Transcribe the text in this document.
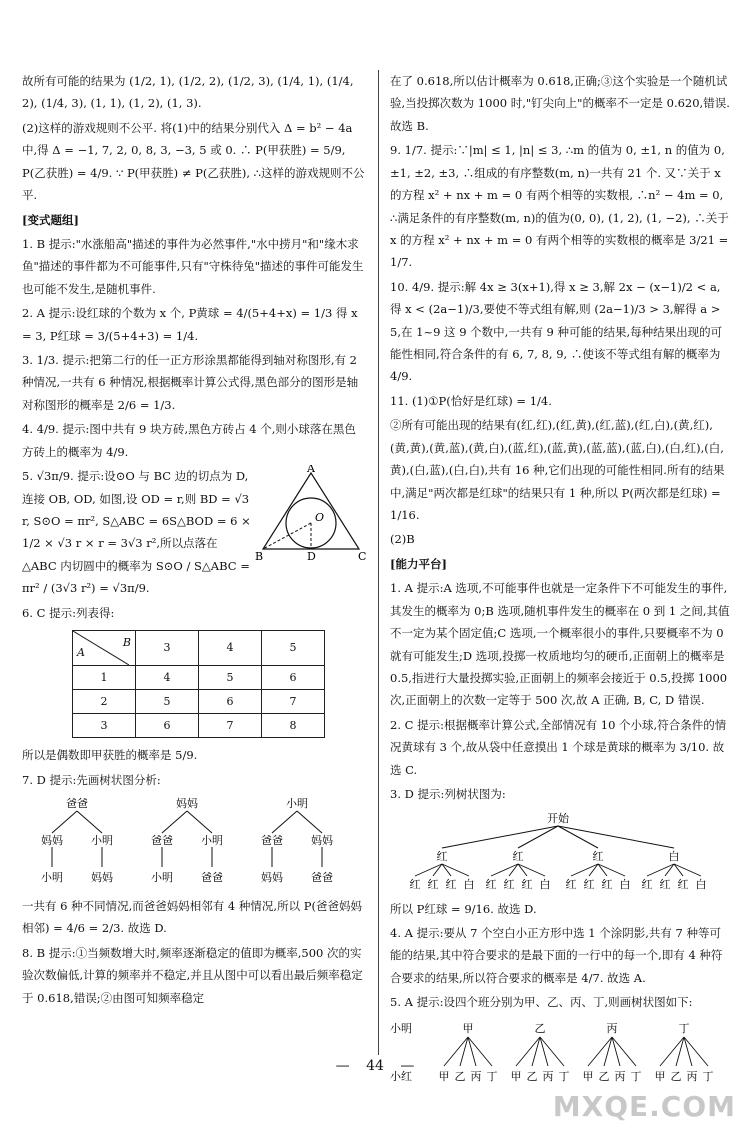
故所有可能的结果为 (1/2, 1), (1/2, 2), (1/2, 3), (1/4, 1), (1/4, 2), (1/4, 3), (1, 1), (1, 2), (1, 3).

(2)这样的游戏规则不公平. 将(1)中的结果分别代入 Δ = b² − 4a 中,得 Δ = −1, 7, 2, 0, 8, 3, −3, 5 或 0. ∴ P(甲获胜) = 5/9, P(乙获胜) = 4/9. ∵ P(甲获胜) ≠ P(乙获胜), ∴这样的游戏规则不公平.

[变式题组]

1. B 提示:"水涨船高"描述的事件为必然事件,"水中捞月"和"缘木求鱼"描述的事件都为不可能事件,只有"守株待兔"描述的事件可能发生也可能不发生,是随机事件.

2. A 提示:设红球的个数为 x 个, P黄球 = 4/(5+4+x) = 1/3 得 x = 3, P红球 = 3/(5+4+3) = 1/4.

3. 1/3. 提示:把第二行的任一正方形涂黑都能得到轴对称图形,有 2 种情况,一共有 6 种情况,根据概率计算公式得,黑色部分的图形是轴对称图形的概率是 2/6 = 1/3.

4. 4/9. 提示:图中共有 9 块方砖,黑色方砖占 4 个,则小球落在黑色方砖上的概率为 4/9.

A
B	C
D
O

5. √3π/9. 提示:设⊙O 与 BC 边的切点为 D, 连接 OB, OD, 如图,设 OD = r,则 BD = √3 r, S⊙O = πr², S△ABC = 6S△BOD = 6 × 1/2 × √3 r × r = 3√3 r²,所以点落在△ABC 内切圆中的概率为 S⊙O / S△ABC = πr² / (3√3 r²) = √3π/9.

6. C 提示:列表得:

A
B	3	4	5
1	4	5	6
2	5	6	7
3	6	7	8

所以是偶数即甲获胜的概率是 5/9.

7. D 提示:先画树状图分析:

爸爸	妈妈	小明
妈妈	小明	爸爸	小明	爸爸	妈妈
小明	妈妈	小明	爸爸	妈妈	爸爸

一共有 6 种不同情况,而爸爸妈妈相邻有 4 种情况,所以 P(爸爸妈妈相邻) = 4/6 = 2/3. 故选 D.

8. B 提示:①当频数增大时,频率逐渐稳定的值即为概率,500 次的实验次数偏低,计算的频率并不稳定,并且从图中可以看出最后频率稳定于 0.618,错误;②由图可知频率稳定

在了 0.618,所以估计概率为 0.618,正确;③这个实验是一个随机试验,当投掷次数为 1000 时,"钉尖向上"的概率不一定是 0.620,错误.故选 B.

9. 1/7. 提示:∵|m| ≤ 1, |n| ≤ 3, ∴m 的值为 0, ±1, n 的值为 0, ±1, ±2, ±3, ∴组成的有序整数(m, n)一共有 21 个. 又∵关于 x 的方程 x² + nx + m = 0 有两个相等的实数根, ∴n² − 4m = 0, ∴满足条件的有序整数(m, n)的值为(0, 0), (1, 2), (1, −2), ∴关于 x 的方程 x² + nx + m = 0 有两个相等的实数根的概率是 3/21 = 1/7.

10. 4/9. 提示:解 4x ≥ 3(x+1),得 x ≥ 3,解 2x − (x−1)/2 < a,得 x < (2a−1)/3,要使不等式组有解,则 (2a−1)/3 > 3,解得 a > 5,在 1~9 这 9 个数中,一共有 9 种可能的结果,每种结果出现的可能性相同,符合条件的有 6, 7, 8, 9, ∴使该不等式组有解的概率为 4/9.

11. (1)①P(恰好是红球) = 1/4.

②所有可能出现的结果有(红,红),(红,黄),(红,蓝),(红,白),(黄,红),(黄,黄),(黄,蓝),(黄,白),(蓝,红),(蓝,黄),(蓝,蓝),(蓝,白),(白,红),(白,黄),(白,蓝),(白,白),共有 16 种,它们出现的可能性相同.所有的结果中,满足"两次都是红球"的结果只有 1 种,所以 P(两次都是红球) = 1/16.

(2)B

[能力平台]

1. A 提示:A 选项,不可能事件也就是一定条件下不可能发生的事件,其发生的概率为 0;B 选项,随机事件发生的概率在 0 到 1 之间,其值不一定为某个固定值;C 选项,一个概率很小的事件,只要概率不为 0 就有可能发生;D 选项,投掷一枚质地均匀的硬币,正面朝上的概率是 0.5,指进行大量投掷实验,正面朝上的频率会接近于 0.5,投掷 1000 次,正面朝上的次数一定等于 500 次,故 A 正确, B, C, D 错误.

2. C 提示:根据概率计算公式,全部情况有 10 个小球,符合条件的情况黄球有 3 个,故从袋中任意摸出 1 个球是黄球的概率为 3/10. 故选 C.

3. D 提示:列树状图为:

开始
红	红	红	白
红 红 红 白 红 红 红 白 红 红 红 白 红 红 红 白

所以 P红球 = 9/16. 故选 D.

4. A 提示:要从 7 个空白小正方形中选 1 个涂阴影,共有 7 种等可能的结果,其中符合要求的是最下面的一行中的每一个,即有 4 种符合要求的结果,所以符合要求的概率是 4/7. 故选 A.

5. A 提示:设四个班分别为甲、乙、丙、丁,则画树状图如下:

小明
小红
甲	乙	丙	丁
甲 乙 丙 丁 甲 乙 丙 丁 甲 乙 丙 丁 甲 乙 丙 丁
— 44 —
MXQE.COM
